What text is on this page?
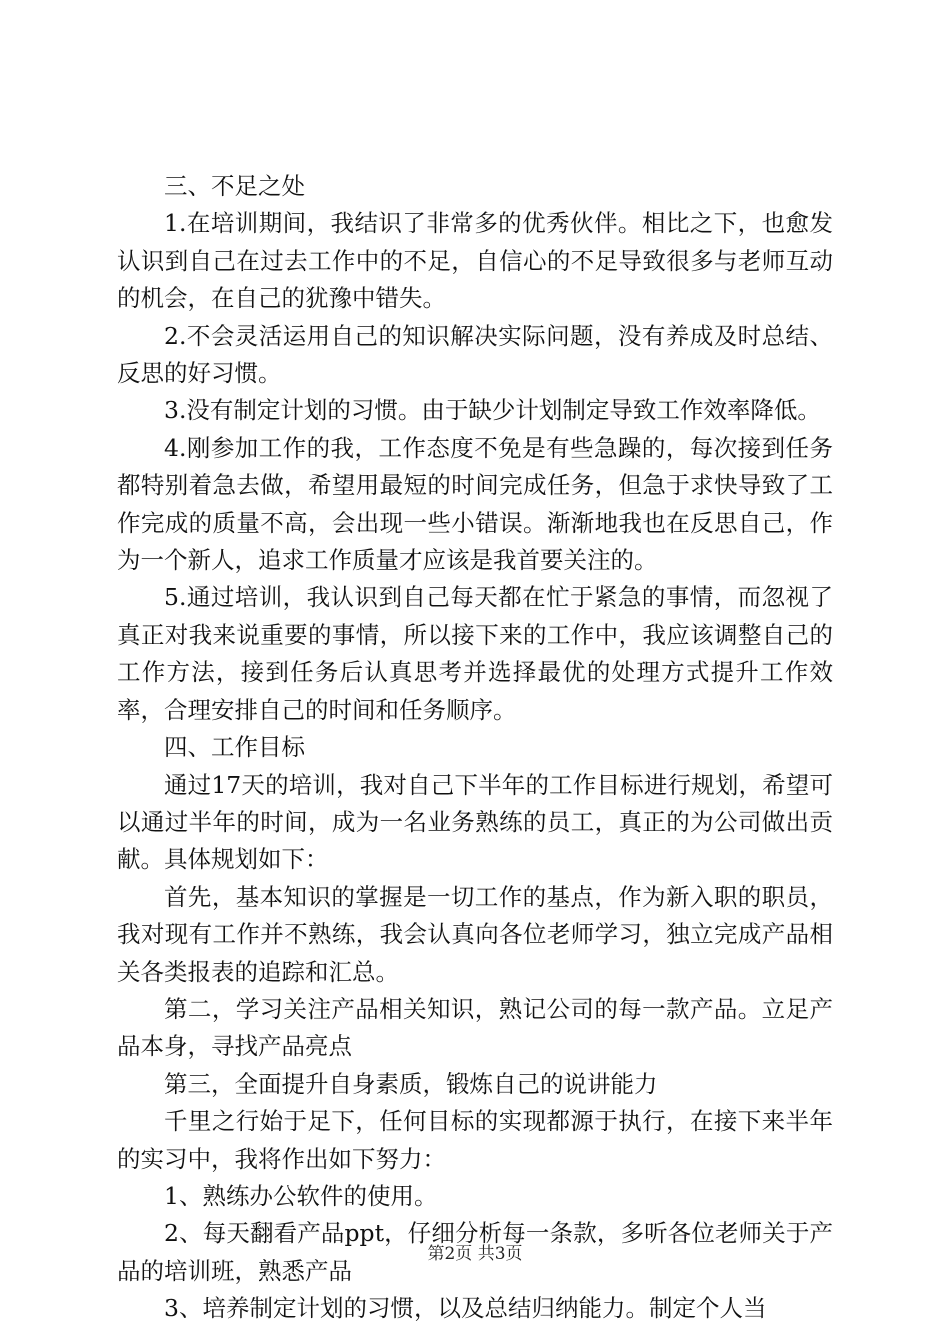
三、不足之处

1.在培训期间，我结识了非常多的优秀伙伴。相比之下，也愈发认识到自己在过去工作中的不足，自信心的不足导致很多与老师互动的机会，在自己的犹豫中错失。

2.不会灵活运用自己的知识解决实际问题，没有养成及时总结、反思的好习惯。

3.没有制定计划的习惯。由于缺少计划制定导致工作效率降低。

4.刚参加工作的我，工作态度不免是有些急躁的，每次接到任务都特别着急去做，希望用最短的时间完成任务，但急于求快导致了工作完成的质量不高，会出现一些小错误。渐渐地我也在反思自己，作为一个新人，追求工作质量才应该是我首要关注的。

5.通过培训，我认识到自己每天都在忙于紧急的事情，而忽视了真正对我来说重要的事情，所以接下来的工作中，我应该调整自己的工作方法，接到任务后认真思考并选择最优的处理方式提升工作效率，合理安排自己的时间和任务顺序。

四、工作目标

通过17天的培训，我对自己下半年的工作目标进行规划，希望可以通过半年的时间，成为一名业务熟练的员工，真正的为公司做出贡献。具体规划如下：

首先，基本知识的掌握是一切工作的基点，作为新入职的职员，我对现有工作并不熟练，我会认真向各位老师学习，独立完成产品相关各类报表的追踪和汇总。

第二，学习关注产品相关知识，熟记公司的每一款产品。立足产品本身，寻找产品亮点

第三，全面提升自身素质，锻炼自己的说讲能力

千里之行始于足下，任何目标的实现都源于执行，在接下来半年的实习中，我将作出如下努力：

1、熟练办公软件的使用。

2、每天翻看产品ppt，仔细分析每一条款，多听各位老师关于产品的培训班，熟悉产品

3、培养制定计划的习惯，以及总结归纳能力。制定个人当

第2页 共3页
